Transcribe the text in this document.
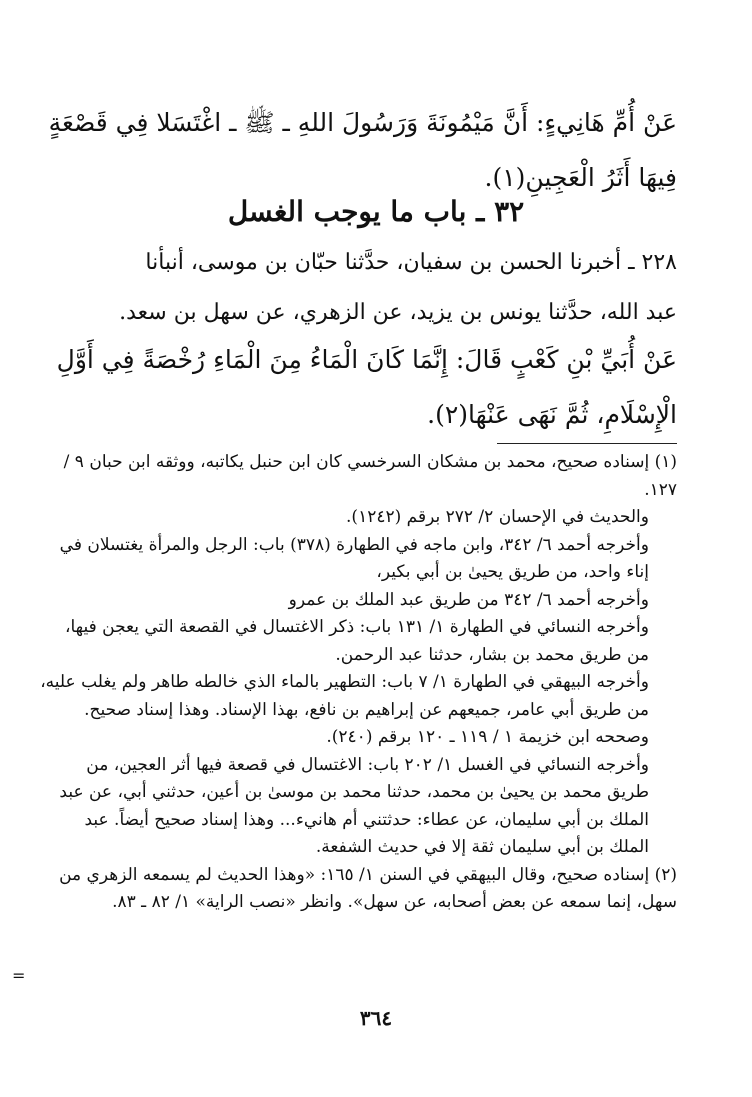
عَنْ أُمِّ هَانِيءٍ: أَنَّ مَيْمُونَةَ وَرَسُولَ اللهِ ـ ﷺ ـ اغْتَسَلا فِي قَصْعَةٍ
فِيهَا أَثَرُ الْعَجِينِ(١).
٣٢ ـ باب ما يوجب الغسل
٢٢٨ ـ أخبرنا الحسن بن سفيان، حدَّثنا حبّان بن موسى، أنبأنا
عبد الله، حدَّثنا يونس بن يزيد، عن الزهري، عن سهل بن سعد.
عَنْ أُبَيِّ بْنِ كَعْبٍ قَالَ: إِنَّمَا كَانَ الْمَاءُ مِنَ الْمَاءِ رُخْصَةً فِي أَوَّلِ
الْإِسْلَامِ، ثُمَّ نَهَى عَنْهَا(٢).

(١) إسناده صحيح، محمد بن مشكان السرخسي كان ابن حنبل يكاتبه، ووثقه ابن حبان ٩ / ١٢٧.

والحديث في الإحسان ٢/ ٢٧٢ برقم (١٢٤٢).

وأخرجه أحمد ٦/ ٣٤٢، وابن ماجه في الطهارة (٣٧٨) باب: الرجل والمرأة يغتسلان في إناء واحد، من طريق يحيىٰ بن أبي بكير،

وأخرجه أحمد ٦/ ٣٤٢ من طريق عبد الملك بن عمرو

وأخرجه النسائي في الطهارة ١/ ١٣١ باب: ذكر الاغتسال في القصعة التي يعجن فيها، من طريق محمد بن بشار، حدثنا عبد الرحمن.

وأخرجه البيهقي في الطهارة ١/ ٧ باب: التطهير بالماء الذي خالطه طاهر ولم يغلب عليه، من طريق أبي عامر، جميعهم عن إبراهيم بن نافع، بهذا الإسناد. وهذا إسناد صحيح. وصححه ابن خزيمة ١ / ١١٩ ـ ١٢٠ برقم (٢٤٠).

وأخرجه النسائي في الغسل ١/ ٢٠٢ باب: الاغتسال في قصعة فيها أثر العجين، من طريق محمد بن يحيىٰ بن محمد، حدثنا محمد بن موسىٰ بن أعين، حدثني أبي، عن عبد الملك بن أبي سليمان، عن عطاء: حدثتني أم هانيء... وهذا إسناد صحيح أيضاً. عبد الملك بن أبي سليمان ثقة إلا في حديث الشفعة.

(٢) إسناده صحيح، وقال البيهقي في السنن ١/ ١٦٥: «وهذا الحديث لم يسمعه الزهري من سهل، إنما سمعه عن بعض أصحابه، عن سهل». وانظر «نصب الراية» ١/ ٨٢ ـ ٨٣.

=
٣٦٤
